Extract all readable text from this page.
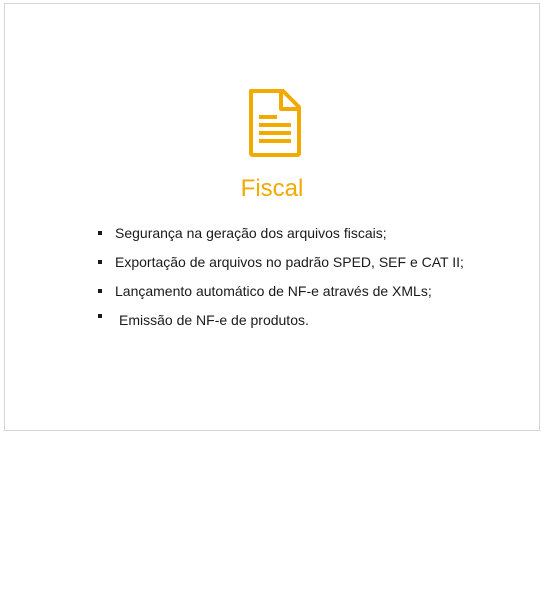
Fiscal
Segurança na geração dos arquivos fiscais;
Exportação de arquivos no padrão SPED, SEF e CAT II;
Lançamento automático de NF-e através de XMLs;
Emissão de NF-e de produtos.
